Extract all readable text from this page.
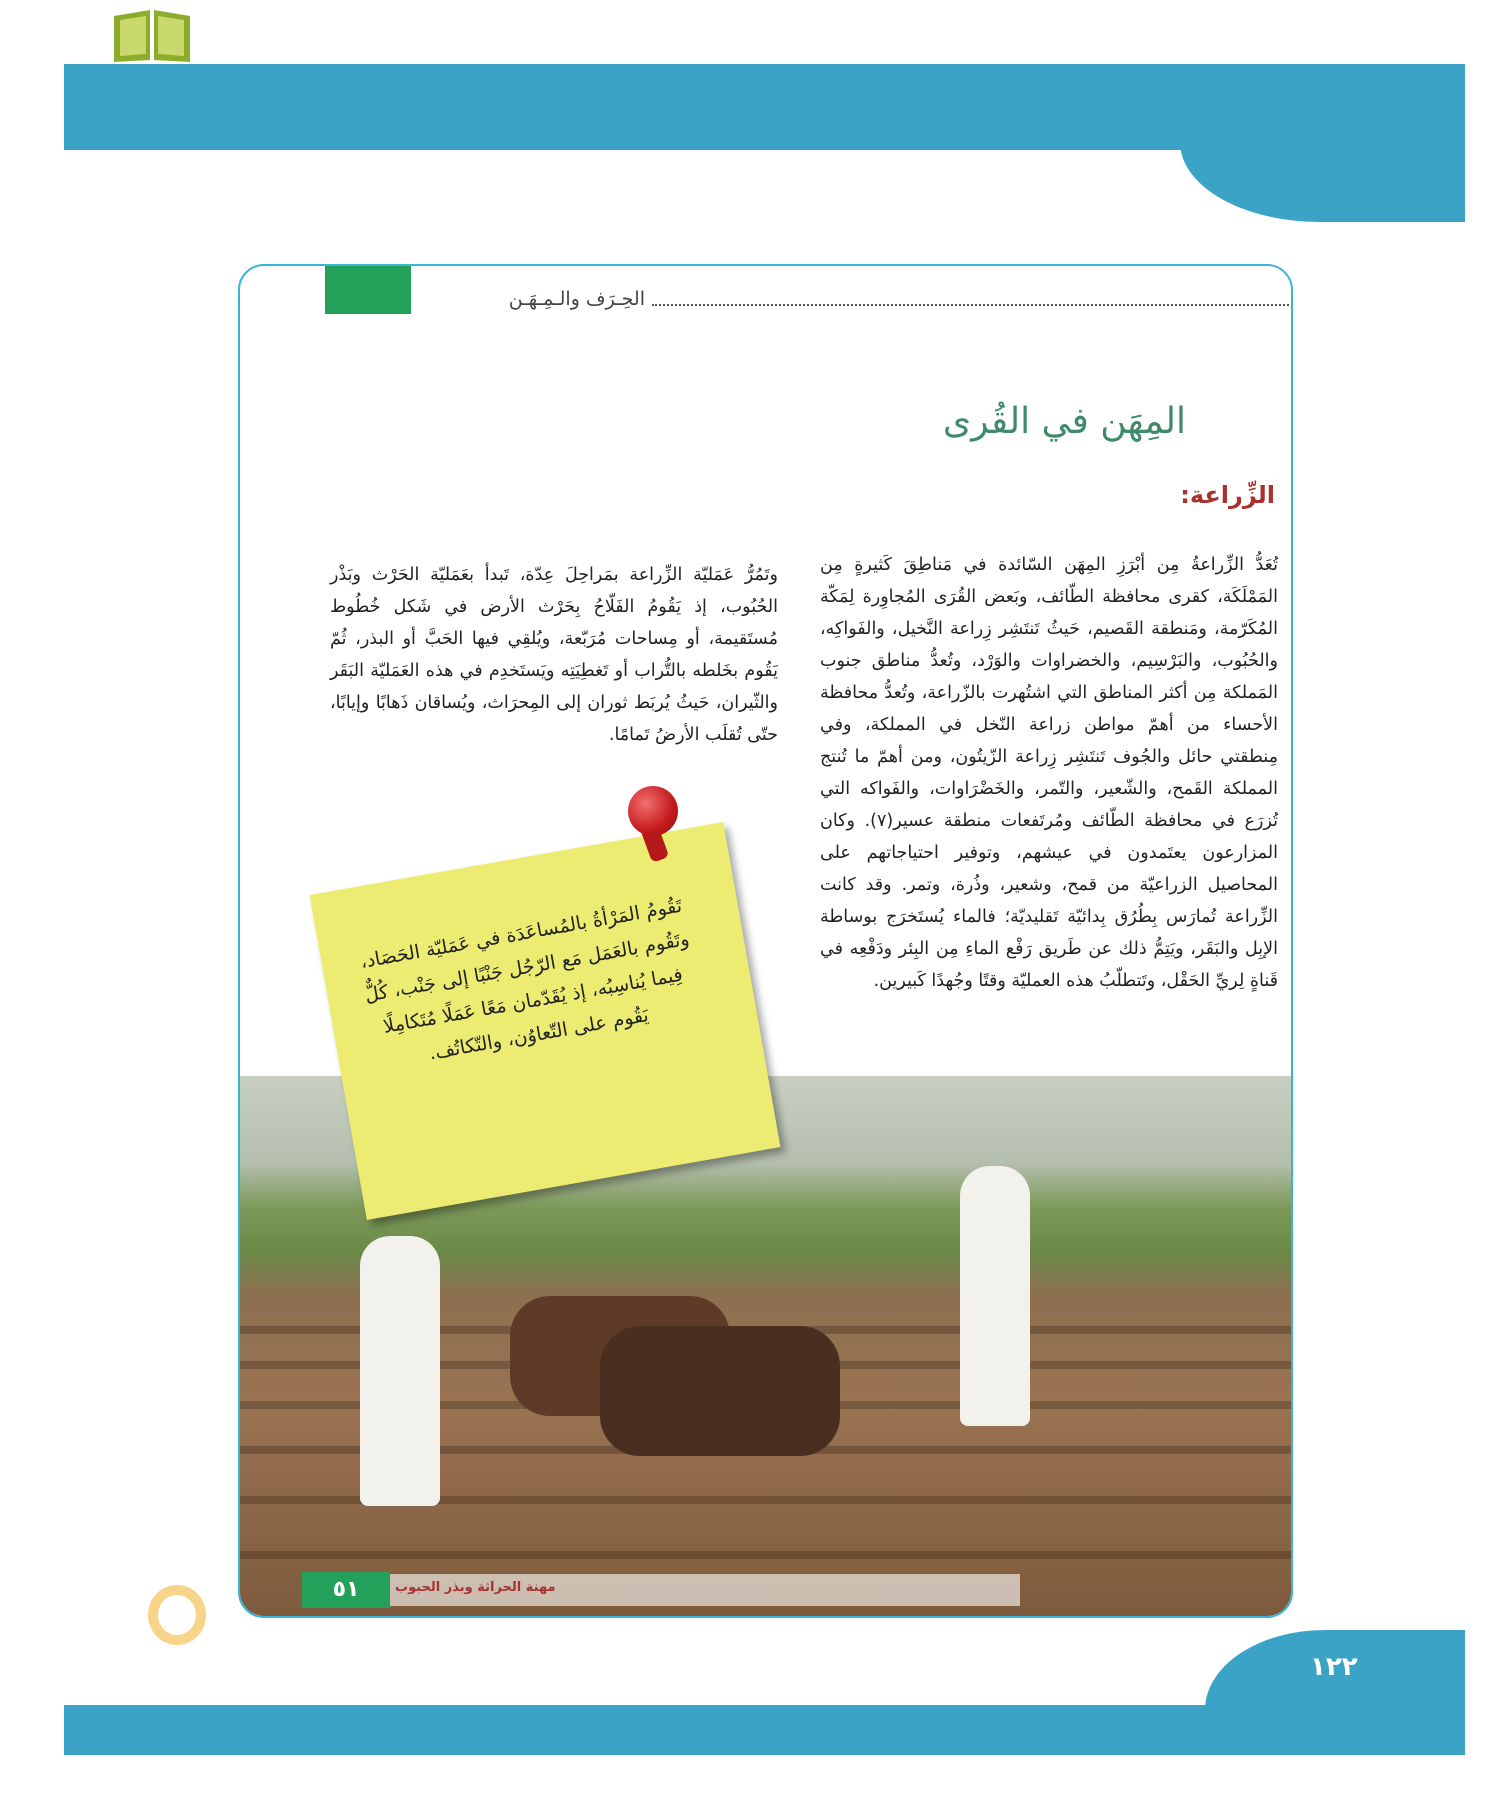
الحِـرَف والـمِـهَـن
المِهَن في القُرى
الزِّراعة:

تُعَدُّ الزِّراعةُ مِن أبْرَزِ المِهَن السّائدة في مَناطِقَ كَثيرةٍ مِن المَمْلَكَة، كقرى محافظة الطّائف، وبَعض القُرَى المُجاوِرة لِمَكّة المُكَرّمة، ومَنطقة القَصيم، حَيثُ تَنتَشِر زِراعة النَّخيل، والفَواكِه، والحُبُوب، والبَرْسِيم، والخضراوات والوَرْد، وتُعدُّ مناطق جنوب المَملكة مِن أكثر المناطق التي اشتُهرت بالزّراعة، وتُعدُّ محافظة الأحساء من أهمّ مواطن زراعة النّخل في المملكة، وفي مِنطقتي حائل والجُوف تَنتَشِر زِراعة الزّيتُون، ومن أهمّ ما تُنتج المملكة القَمح، والشّعير، والتّمر، والخَضْرَاوات، والفَواكه التي تُزرَع في محافظة الطّائف ومُرتَفعات منطقة عسير(٧). وكان المزارعون يعتَمدون في عيشهم، وتوفير احتياجاتهم على المحاصيل الزراعيّة من قمح، وشعير، وذُرة، وتمر. وقد كانت الزِّراعة تُمارَس بِطُرُق بِدائيّة تَقليديّة؛ فالماء يُستَخرَج بوساطة الإبِل والبَقَر، ويَتِمُّ ذلك عن طَريق رَفْع الماءِ مِن البِئر ودَفْعِه في قَناةٍ لِريِّ الحَقْل، وتَتطلّبُ هذه العمليّة وقتًا وجُهدًا كَبيرين.

وتَمُرُّ عَمَليّة الزِّراعة بمَراحِلَ عِدّة، تَبدأ بعَمَليّة الحَرْث وبَذْر الحُبُوب، إذ يَقُومُ الفَلّاحُ بِحَرْث الأرض في شَكل خُطُوط مُستَقيمة، أو مِساحات مُرَبّعة، ويُلقِي فيها الحَبَّ أو البذر، ثُمّ يَقُوم بخَلطه بالتُّراب أو تَغطِيَتِه ويَستَخدِم في هذه العَمَليّة البَقَر والثّيران، حَيثُ يُربَط ثوران إلى المِحرَاث، ويُساقان ذَهابًا وإيابًا، حتّى تُقلَب الأرضُ تَمامًا.

تَقُومُ المَرْأةُ بالمُساعَدَة في عَمَليّة الحَصَاد، وتَقُوم بالعَمَل مَع الرّجُل جَنْبًا إلى جَنْب، كُلٌّ فِيما يُناسِبُه، إذ يُقَدّمان مَعًا عَمَلًا مُتَكامِلًا يَقُوم على التّعاوُن، والتّكاتُف.
٥١	مهنة الحراثة وبذر الحبوب
١٢٢
